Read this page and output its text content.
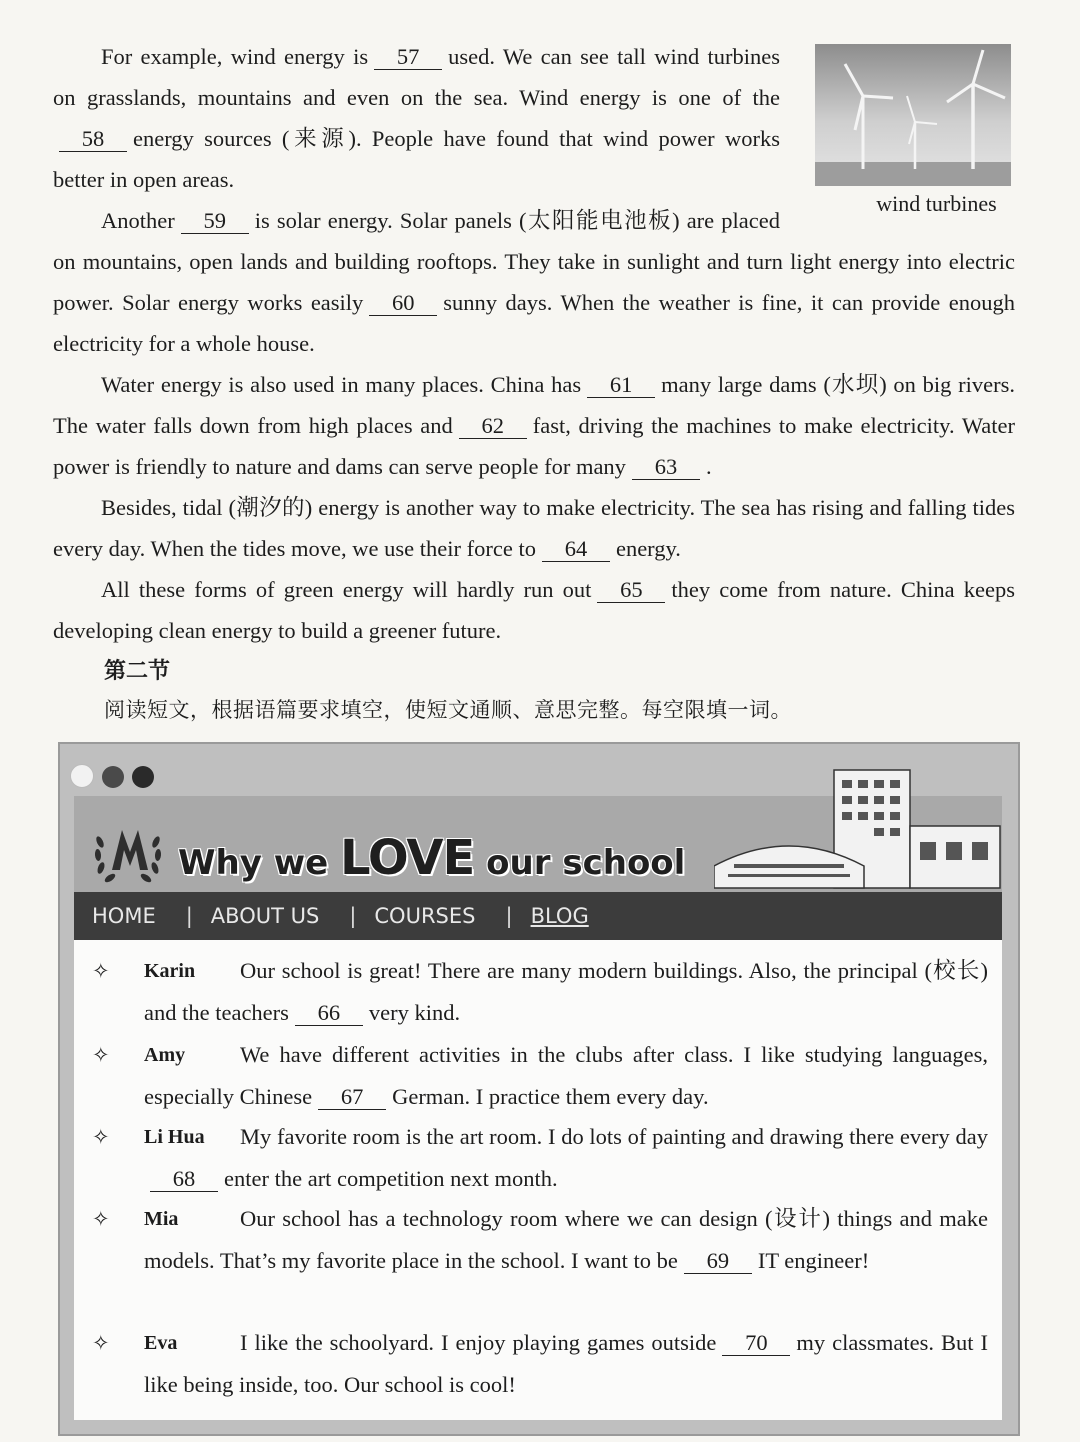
wind turbines
For example, wind energy is 57 used. We can see tall wind turbines on grasslands, mountains and even on the sea. Wind energy is one of the58 energy sources (来源). People have found that wind power works better in open areas.

Another 59 is solar energy. Solar panels (太阳能电池板) are placed on mountains, open lands and building rooftops. They take in sunlight and turn light energy into electric power. Solar energy works easily 60 sunny days. When the weather is fine, it can provide enough electricity for a whole house.

Water energy is also used in many places. China has 61 many large dams (水坝) on big rivers. The water falls down from high places and 62 fast, driving the machines to make electricity. Water power is friendly to nature and dams can serve people for many 63 .

Besides, tidal (潮汐的) energy is another way to make electricity. The sea has rising and falling tides every day. When the tides move, we use their force to 64 energy.

All these forms of green energy will hardly run out 65 they come from nature. China keeps developing clean energy to build a greener future.

第二节
阅读短文，根据语篇要求填空，使短文通顺、意思完整。每空限填一词。
Why we LOVE our school
HOME	| ABOUT US	| COURSES	| BLOG
✧ Karin	Our school is great! There are many modern buildings. Also, the principal (校长) and the teachers 66 very kind.
✧ Amy	We have different activities in the clubs after class. I like studying languages, especially Chinese 67 German. I practice them every day.
✧ Li Hua	My favorite room is the art room. I do lots of painting and drawing there every day68 enter the art competition next month.
✧ Mia	Our school has a technology room where we can design (设计) things and make models. That’s my favorite place in the school. I want to be 69 IT engineer!
✧ Eva	I like the schoolyard. I enjoy playing games outside 70 my classmates. But I like being inside, too. Our school is cool!
